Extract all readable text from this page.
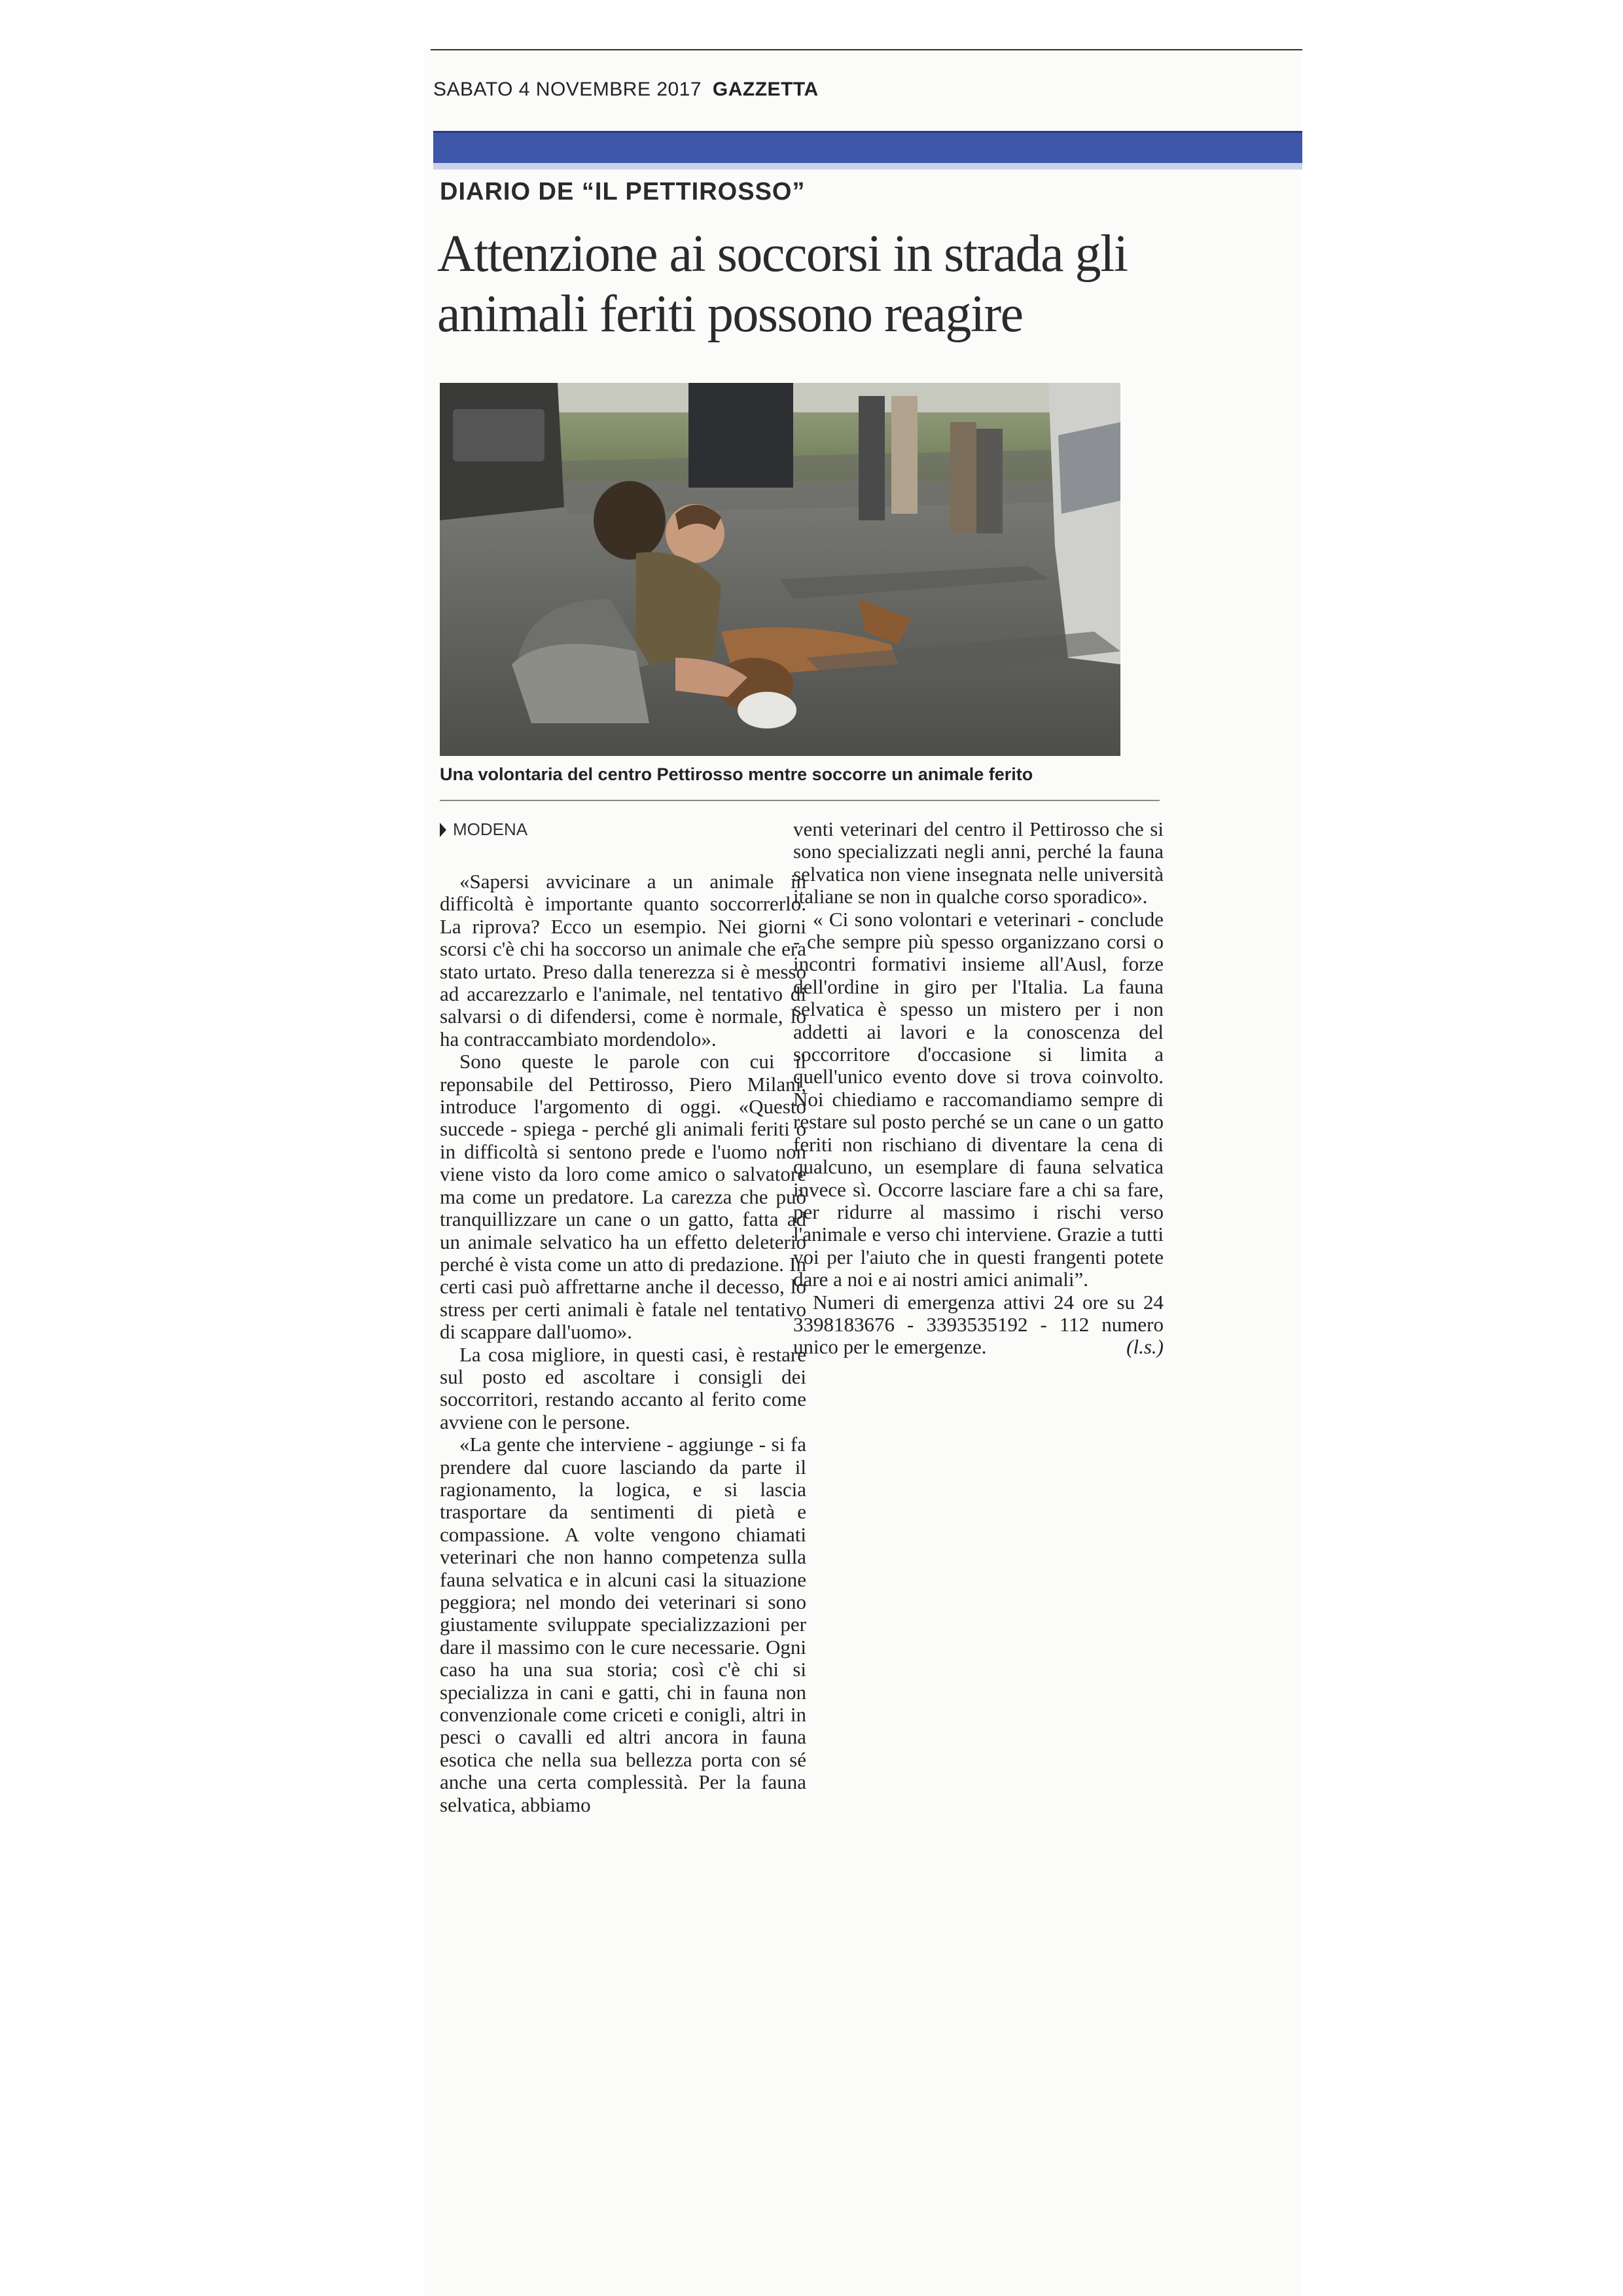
SABATO 4 NOVEMBRE 2017 GAZZETTA
DIARIO DE “IL PETTIROSSO”
Attenzione ai soccorsi in strada gli animali feriti possono reagire
Una volontaria del centro Pettirosso mentre soccorre un animale ferito
MODENA

«Sapersi avvicinare a un animale in difficoltà è importante quanto soccorrerlo. La riprova? Ecco un esempio. Nei giorni scorsi c'è chi ha soccorso un animale che era stato urtato. Preso dalla tenerezza si è messo ad accarezzarlo e l'animale, nel tentativo di salvarsi o di difendersi, come è normale, lo ha contraccambiato mordendolo».

Sono queste le parole con cui il reponsabile del Pettirosso, Piero Milani, introduce l'argomento di oggi. «Questo succede - spiega - perché gli animali feriti o in difficoltà si sentono prede e l'uomo non viene visto da loro come amico o salvatore ma come un predatore. La carezza che può tranquillizzare un cane o un gatto, fatta ad un animale selvatico ha un effetto deleterio perché è vista come un atto di predazione. In certi casi può affrettarne anche il decesso, lo stress per certi animali è fatale nel tentativo di scappare dall'uomo».

La cosa migliore, in questi casi, è restare sul posto ed ascoltare i consigli dei soccorritori, restando accanto al ferito come avviene con le persone.

«La gente che interviene - aggiunge - si fa prendere dal cuore lasciando da parte il ragionamento, la logica, e si lascia trasportare da sentimenti di pietà e compassione. A volte vengono chiamati veterinari che non hanno competenza sulla fauna selvatica e in alcuni casi la situazione peggiora; nel mondo dei veterinari si sono giustamente sviluppate specializzazioni per dare il massimo con le cure necessarie. Ogni caso ha una sua storia; così c'è chi si specializza in cani e gatti, chi in fauna non convenzionale come criceti e conigli, altri in pesci o cavalli ed altri ancora in fauna esotica che nella sua bellezza porta con sé anche una certa complessità. Per la fauna selvatica, abbiamo

venti veterinari del centro il Pettirosso che si sono specializzati negli anni, perché la fauna selvatica non viene insegnata nelle università italiane se non in qualche corso sporadico».

« Ci sono volontari e veterinari - conclude - che sempre più spesso organizzano corsi o incontri formativi insieme all'Ausl, forze dell'ordine in giro per l'Italia. La fauna selvatica è spesso un mistero per i non addetti ai lavori e la conoscenza del soccorritore d'occasione si limita a quell'unico evento dove si trova coinvolto. Noi chiediamo e raccomandiamo sempre di restare sul posto perché se un cane o un gatto feriti non rischiano di diventare la cena di qualcuno, un esemplare di fauna selvatica invece sì. Occorre lasciare fare a chi sa fare, per ridurre al massimo i rischi verso l'animale e verso chi interviene. Grazie a tutti voi per l'aiuto che in questi frangenti potete dare a noi e ai nostri amici animali”.

Numeri di emergenza attivi 24 ore su 24 3398183676 - 3393535192 - 112 numero unico per le emergenze.	(l.s.)
